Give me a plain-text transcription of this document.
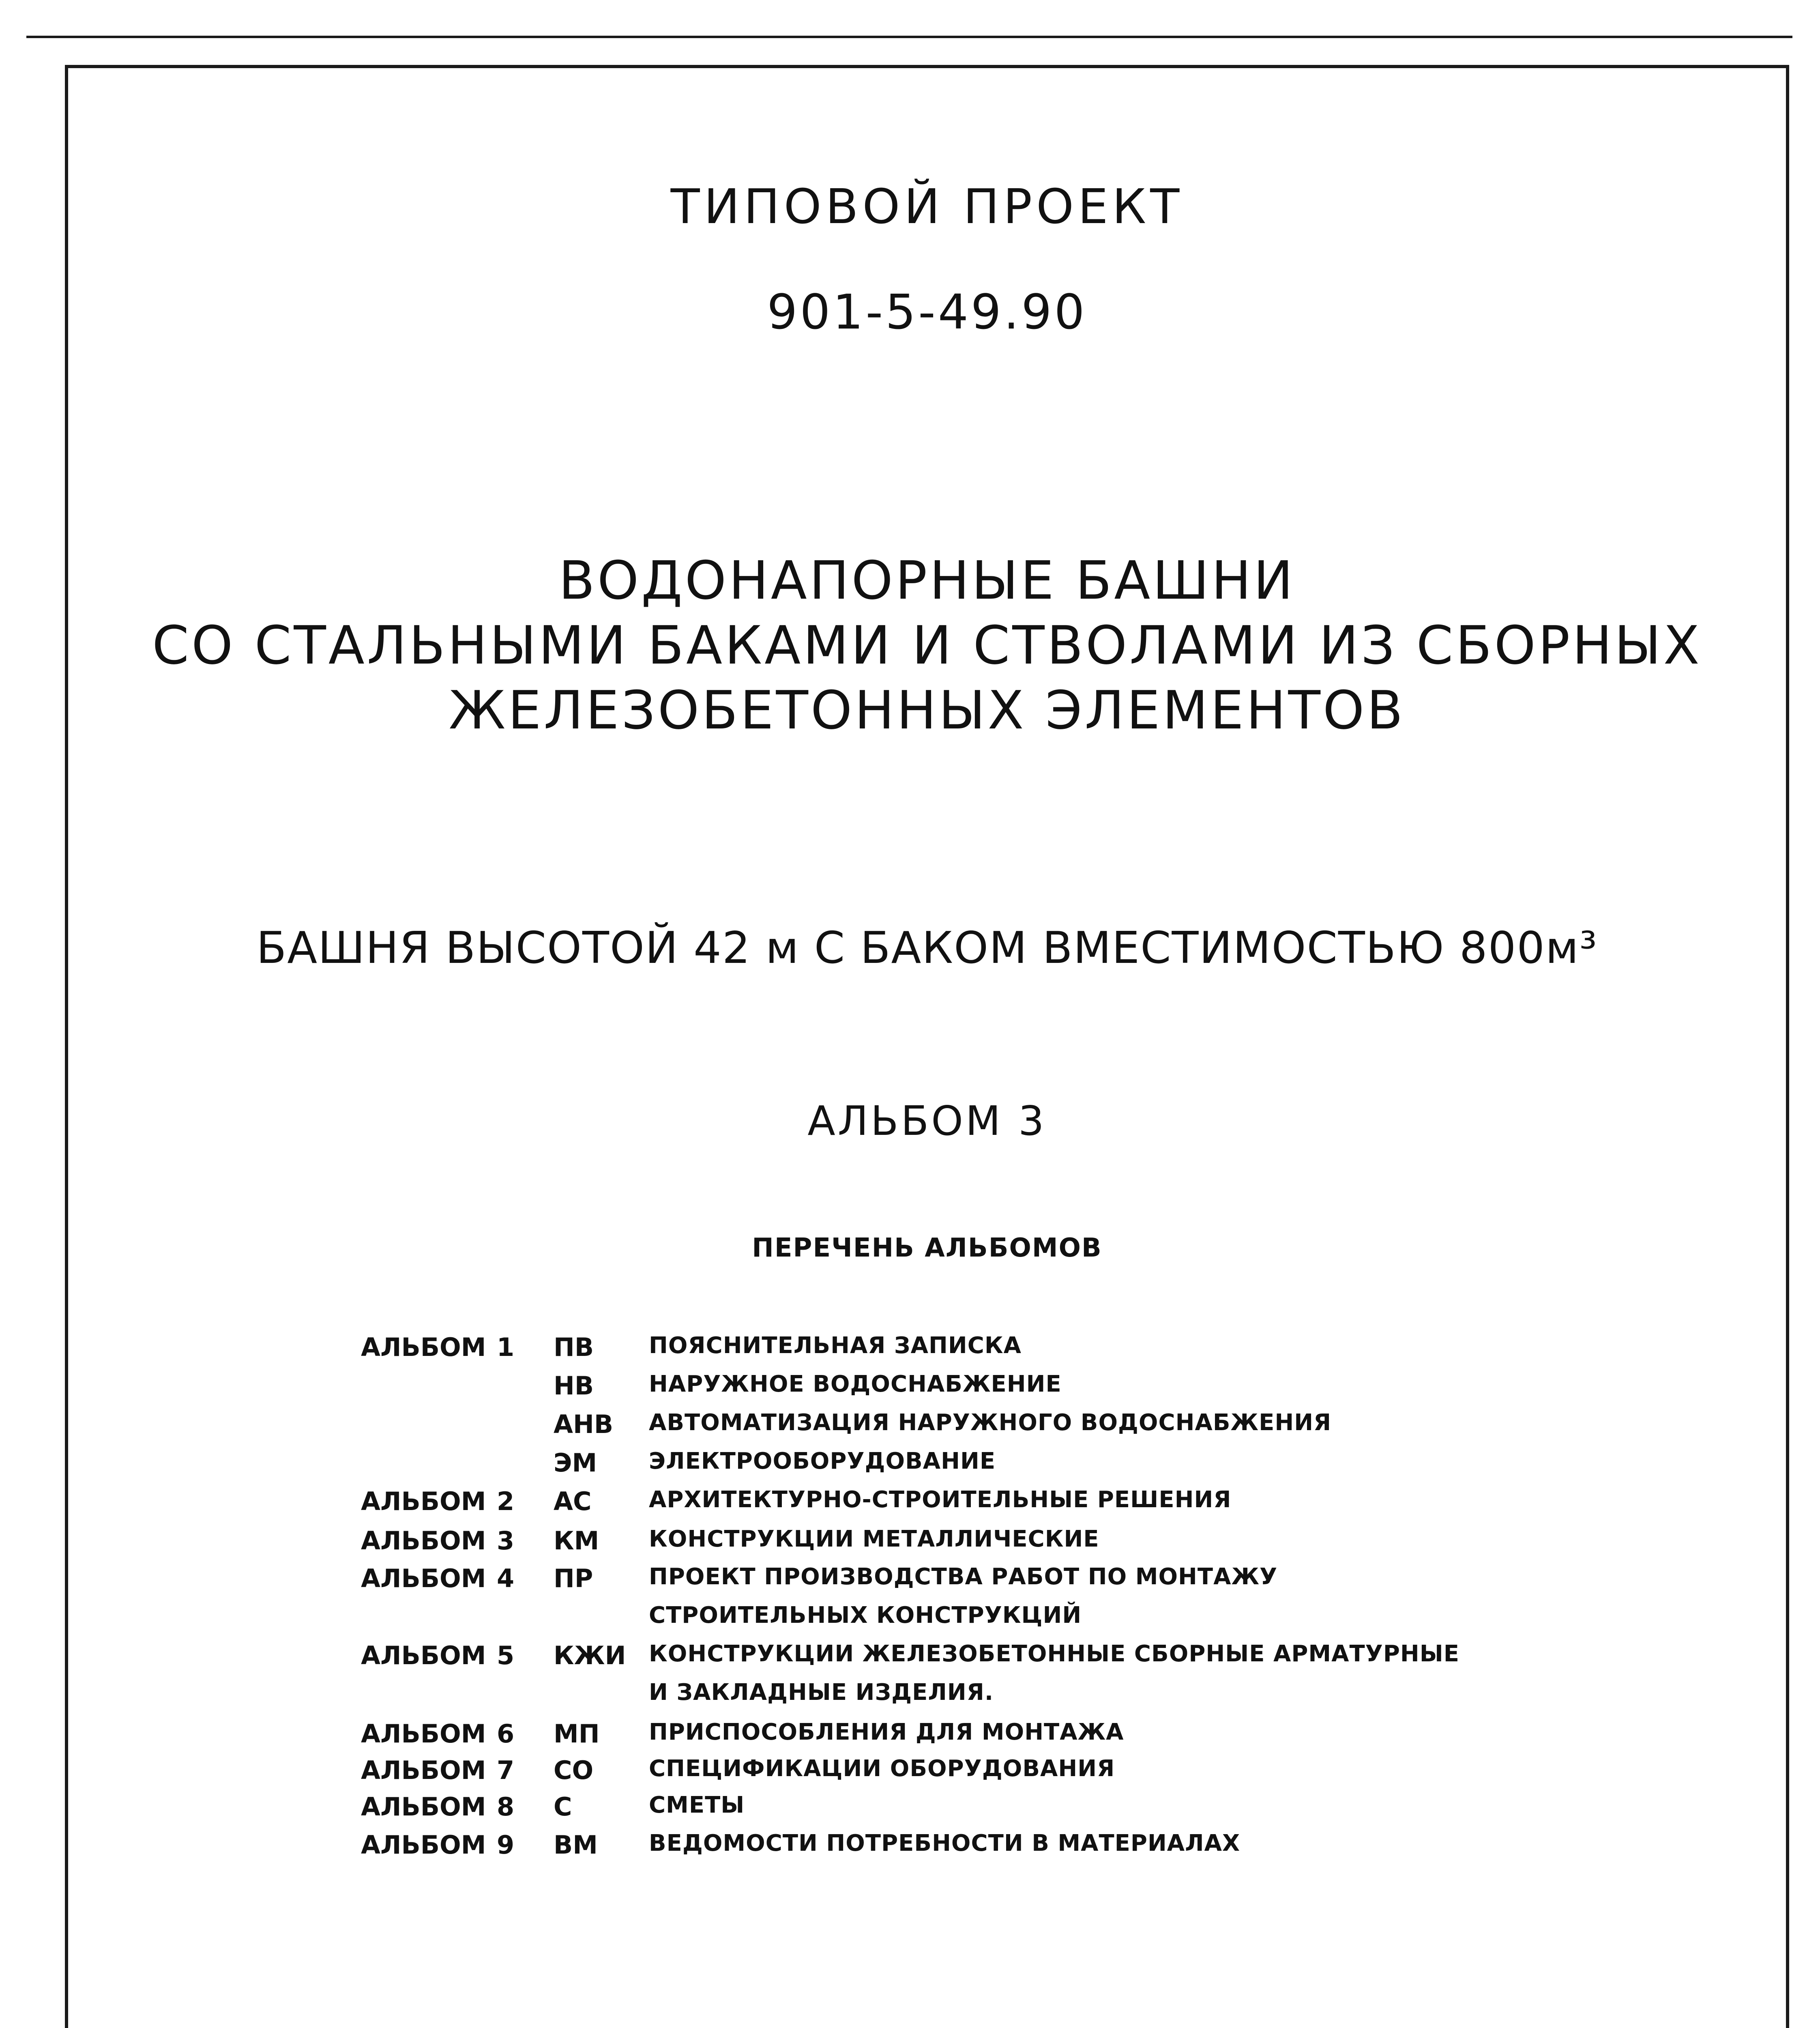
ТИПОВОЙ ПРОЕКТ
901-5-49.90
ВОДОНАПОРНЫЕ БАШНИ
СО СТАЛЬНЫМИ БАКАМИ И СТВОЛАМИ ИЗ СБОРНЫХ
ЖЕЛЕЗОБЕТОННЫХ ЭЛЕМЕНТОВ
БАШНЯ ВЫСОТОЙ 42 м С БАКОМ ВМЕСТИМОСТЬЮ 800м³
АЛЬБОМ 3
ПЕРЕЧЕНЬ АЛЬБОМОВ
АЛЬБОМ 1 ПВ ПОЯСНИТЕЛЬНАЯ ЗАПИСКА
НВ НАРУЖНОЕ ВОДОСНАБЖЕНИЕ
АНВ АВТОМАТИЗАЦИЯ НАРУЖНОГО ВОДОСНАБЖЕНИЯ
ЭМ ЭЛЕКТРООБОРУДОВАНИЕ
АЛЬБОМ 2 АС	АРХИТЕКТУРНО-СТРОИТЕЛЬНЫЕ РЕШЕНИЯ
АЛЬБОМ 3 КМ КОНСТРУКЦИИ МЕТАЛЛИЧЕСКИЕ
АЛЬБОМ 4 ПР ПРОЕКТ ПРОИЗВОДСТВА РАБОТ ПО МОНТАЖУ
СТРОИТЕЛЬНЫХ КОНСТРУКЦИЙ
АЛЬБОМ 5 КЖИ КОНСТРУКЦИИ ЖЕЛЕЗОБЕТОННЫЕ СБОРНЫЕ АРМАТУРНЫЕ
И ЗАКЛАДНЫЕ ИЗДЕЛИЯ.
АЛЬБОМ 6 МП ПРИСПОСОБЛЕНИЯ ДЛЯ МОНТАЖА
АЛЬБОМ 7 СО СПЕЦИФИКАЦИИ ОБОРУДОВАНИЯ
АЛЬБОМ 8 С	СМЕТЫ
АЛЬБОМ 9 ВМ ВЕДОМОСТИ ПОТРЕБНОСТИ В МАТЕРИАЛАХ
